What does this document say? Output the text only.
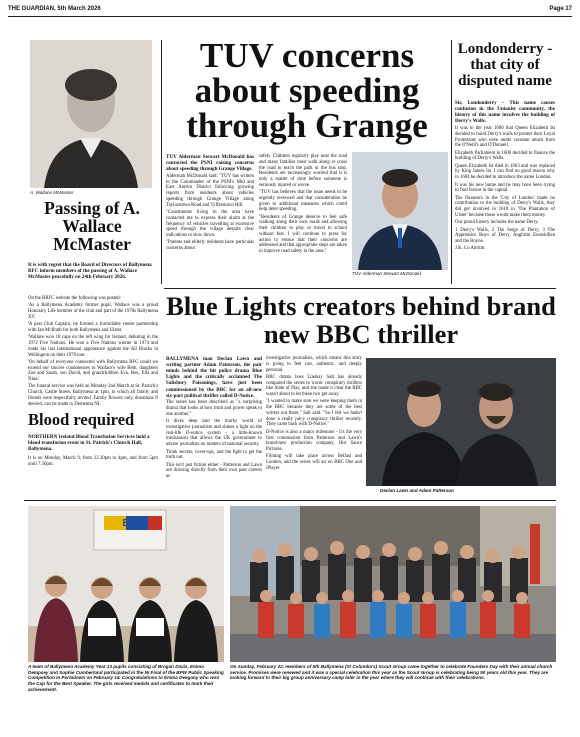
THE GUARDIAN, 5th March 2026	Page 17
A. Wallace McMaster
Passing of A. Wallace McMaster
It is with regret that the Board of Directors of Ballymena RFC inform members of the passing of A. Wallace McMaster peacefully on 24th February 2026.

On the BRFC website the following was posted:

'As a Ballymena Academy former pupil, Wallace was a proud Honorary Life member of the club and part of the 1970s Ballymena XV.

'A past Club Captain, he formed a formidable centre partnership with Ian McIlrath for both Ballymena and Ulster.

'Wallace won 18 caps on the left wing for Ireland, debuting in the 1972 Five Nations. He won a Five Nations winner in 1974 and made his last international appearance against the All Blacks in Wellington on their 1976 tour.

'On behalf of everyone connected with Ballymena RFC could we extend our sincere condolences to Wallace's wife Beth, daughters Zoe and Sarah, son David, and grandchildren Eva, Ben, Ella and Nina.'

The funeral service was held on Monday 2nd March at St. Patrick's Church, Castle Street, Ballymena at 1pm, to which all family and friends were respectfully invited. Family flowers only, donations if desired, can be made to Dementia NI.

Blood required
NORTHERN Ireland Blood Transfusion Services hold a blood transfusion event in St. Patrick's Church Hall, Ballymena.
It is on Monday, March 9, from 12.30pm to 4pm, and from 5pm until 7.30pm.
TUV concerns about speeding through Grange

TUV Alderman Stewart McDonald has contacted the PSNI raising concerns about speeding through Grange Village.

Alderman McDonald said: "TUV has written to the Commander of the PSNI's Mid and East Antrim District following growing reports from residents about vehicles speeding through Grange Village along Taylorstown Road and Tyfferstown Hill.

"Constituents living in the area have contacted me to express their alarm at the frequency of vehicles travelling at excessive speed through the village despite clear indications to slow down.

"Parents and elderly residents have particular concerns about

safety. Children regularly play near the road and many families must walk along or cross the road to reach the park or the bus stop. Residents are increasingly worried that it is only a matter of time before someone is seriously injured or worse.

"TUV has believes that the issue needs to be urgently reviewed and that consideration be given to additional measures which could help deter speeding.

"Residents of Grange deserve to feel safe walking along their own roads and allowing their children to play or travel to school without fear. I will continue to press for action to ensure that their concerns are addressed and that appropriate steps are taken to improve road safety in the area."

TUV Alderman Stewart McDonald
Londonderry - that city of disputed name

Sir, Londonderry – This name causes confusion in the Unionist community, the history of this name involves the building of Derry's Walls.

It was in the year 1600 that Queen Elizabeth Ist decided to build Derry's walls to protect their Loyal Protestants who were under constant attack from the O'Neill's and O'Donnell.

Elizabeth Parliament in 1600 decided to finance the building of Derry's Walls.

Queen Elizabeth Ist died in 1603 and was replaced by King James Ist. I can find no good reason why in 1604 he decided to introduce the name London.

It was his new home and he may have been trying to find favour in the capital.

The financers in the 'City of London' made no contribution to the building of Derry's Walls, they did get involved in 1610 in 'The Plantation of Ulster' because those would make them money.

Our proud history includes the name Derry.

1 Derry's Walls, 2 The Seige of Derry, 3 The Apprentice Boys of Derry, Aughrim Enniskillen and the Boyne.

J.K. Co Antrim.

Blue Lights creators behind brand new BBC thriller

BALLYMENA man Declan Lawn and writing partner Adam Patterson, the pair minds behind the hit police drama Blue Lights and the critically acclaimed The Salisbury Poisonings, have just been commissioned by the BBC for an all-new six-part political thriller called D-Notice.

The series has been described as "a surprising drama that looks at how truth and power speak to one another."

It dives deep into the murky world of investigative journalism and shines a light on the real-life D-notice system - a little-known mechanism that allows the UK government to advise journalists on matters of national security.

Think secrets, cover-ups, and the fight to get the truth out.

This isn't just fiction either - Patterson and Lawn are drawing directly from their own past careers as

investigative journalists, which means this story is going to feel raw, authentic, and deeply personal.

BBC drama boss Lindsay Salt has already compared the series to iconic conspiracy thrillers like State of Play, and she made it clear the BBC wasn't about to let these two get away.

"I wanted to make sure we were keeping them in the BBC because they are some of the best writers out there," Salt said. "So I felt we hadn't done a really juicy conspiracy thriller recently. They came back with D-Notice."

D-Notice is also a major milestone - it's the very first commission from Patterson and Lawn's brand-new production company, Hot Sauce Pictures.

Filming will take place across Belfast and London, and the series will air on BBC One and iPlayer.

Declan Lawn and Adam Patterson
BPW
A team of Ballymena Academy Year 13 pupils consisting of Brogan Davis, Emma Dempsey and Sophie Cumberland participated in the NI Final of the BPW Public Speaking Competition in Portadown on February 14. Congratulations to Emma Deegany who won the Cup for the Best Speaker. The girls received medals and certificates to mark their achievement.
On Sunday, February 22, members of 5th Ballymena (St Columba's) Scout Group came together to celebrate Founders Day with their annual church service. Promises were renewed and it was a special celebration this year as the Scout Group is celebrating being 50 years old this year. They are looking forward to their big group anniversary camp later in the year where they will continue with their celebrations.
